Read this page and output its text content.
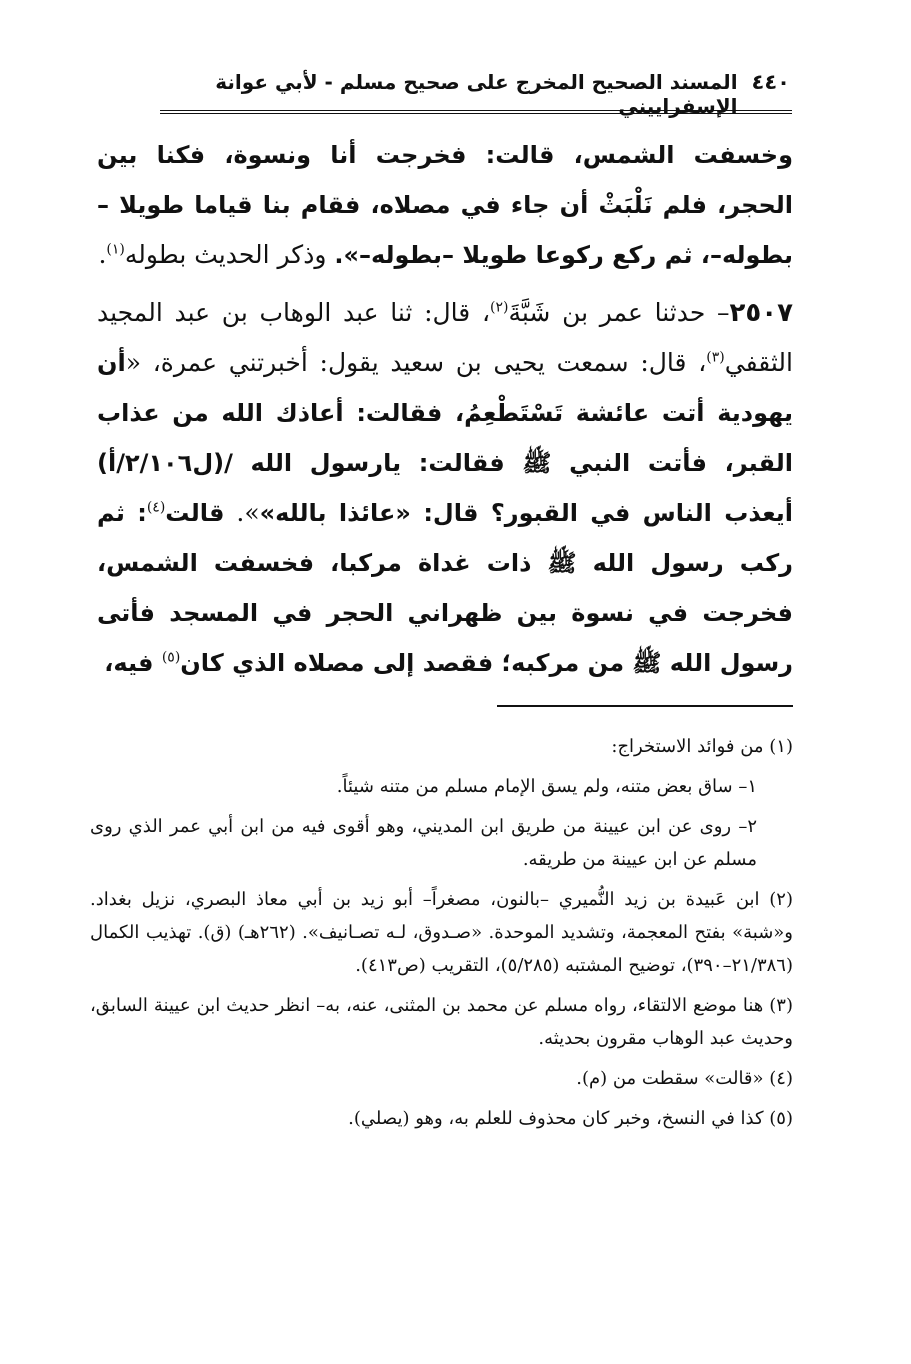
٤٤٠
المسند الصحيح المخرج على صحيح مسلم - لأبي عوانة الإسفراييني

وخسفت الشمس، قالت: فخرجت أنا ونسوة، فكنا بين الحجر، فلم نَلْبَثْ أن جاء في مصلاه، فقام بنا قياما طويلا –بطوله–، ثم ركع ركوعا طويلا –بطوله–». وذكر الحديث بطوله$^{(١)}$.

٢٥٠٧– حدثنا عمر بن شَبَّةَ$^{(٢)}$، قال: ثنا عبد الوهاب بن عبد المجيد الثقفي$^{(٣)}$، قال: سمعت يحيى بن سعيد يقول: أخبرتني عمرة، «أن يهودية أتت عائشة تَسْتَطْعِمُ، فقالت: أعاذك الله من عذاب القبر، فأتت النبي ﷺ فقالت: يارسول الله /(ل٢/١٠٦/أ) أيعذب الناس في القبور؟ قال: «عائذا بالله»». قالت$^{(٤)}$: ثم ركب رسول الله ﷺ ذات غداة مركبا، فخسفت الشمس، فخرجت في نسوة بين ظهراني الحجر في المسجد فأتى رسول الله ﷺ من مركبه؛ فقصد إلى مصلاه الذي كان$^{(٥)}$ فيه،

(١) من فوائد الاستخراج:

١– ساق بعض متنه، ولم يسق الإمام مسلم من متنه شيئاً.

٢– روى عن ابن عيينة من طريق ابن المديني، وهو أقوى فيه من ابن أبي عمر الذي روى مسلم عن ابن عيينة من طريقه.

(٢) ابن عَبيدة بن زيد النُّميري –بالنون، مصغراً– أبو زيد بن أبي معاذ البصري، نزيل بغداد. و«شبة» بفتح المعجمة، وتشديد الموحدة. «صـدوق، لـه تصـانيف». (٢٦٢هـ) (ق). تهذيب الكمال (٢١/٣٨٦–٣٩٠)، توضيح المشتبه (٥/٢٨٥)، التقريب (ص٤١٣).

(٣) هنا موضع الالتقاء، رواه مسلم عن محمد بن المثنى، عنه، به– انظر حديث ابن عيينة السابق، وحديث عبد الوهاب مقرون بحديثه.

(٤) «قالت» سقطت من (م).

(٥) كذا في النسخ، وخبر كان محذوف للعلم به، وهو (يصلي).
